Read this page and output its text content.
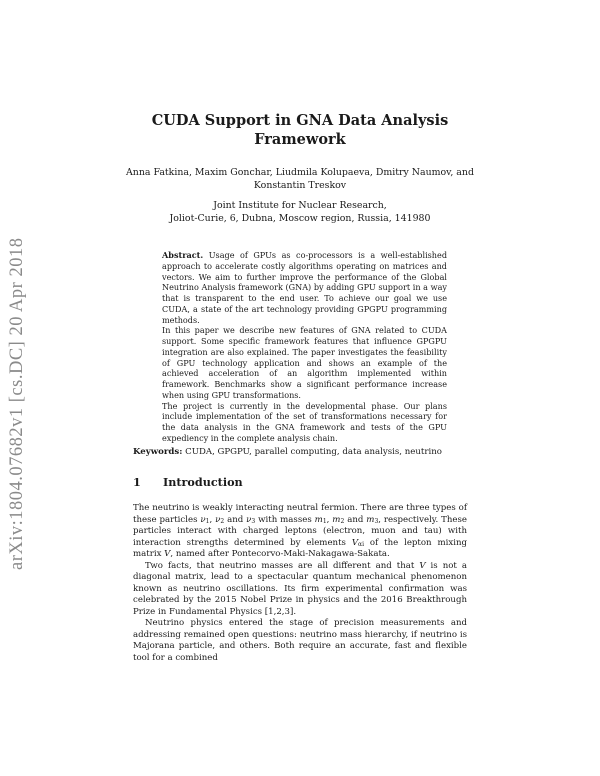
arXiv:1804.07682v1 [cs.DC] 20 Apr 2018
CUDA Support in GNA Data Analysis Framework
Anna Fatkina, Maxim Gonchar, Liudmila Kolupaeva, Dmitry Naumov, and
Konstantin Treskov
Joint Institute for Nuclear Research,
Joliot-Curie, 6, Dubna, Moscow region, Russia, 141980

Abstract. Usage of GPUs as co-processors is a well-established approach to accelerate costly algorithms operating on matrices and vectors. We aim to further improve the performance of the Global Neutrino Analysis framework (GNA) by adding GPU support in a way that is transparent to the end user. To achieve our goal we use CUDA, a state of the art technology providing GPGPU programming methods.

In this paper we describe new features of GNA related to CUDA support. Some specific framework features that influence GPGPU integration are also explained. The paper investigates the feasibility of GPU technology application and shows an example of the achieved acceleration of an algorithm implemented within framework. Benchmarks show a significant performance increase when using GPU transformations.

The project is currently in the developmental phase. Our plans include implementation of the set of transformations necessary for the data analysis in the GNA framework and tests of the GPU expediency in the complete analysis chain.

Keywords: CUDA, GPGPU, parallel computing, data analysis, neutrino
1 Introduction

The neutrino is weakly interacting neutral fermion. There are three types of these particles $\nu_1$, $\nu_2$ and $\nu_3$ with masses $m_1$, $m_2$ and $m_3$, respectively. These particles interact with charged leptons (electron, muon and tau) with interaction strengths determined by elements $V_{\alpha i}$ of the lepton mixing matrix V, named after Pontecorvo-Maki-Nakagawa-Sakata.

Two facts, that neutrino masses are all different and that V is not a diagonal matrix, lead to a spectacular quantum mechanical phenomenon known as neutrino oscillations. Its firm experimental confirmation was celebrated by the 2015 Nobel Prize in physics and the 2016 Breakthrough Prize in Fundamental Physics [1,2,3].

Neutrino physics entered the stage of precision measurements and addressing remained open questions: neutrino mass hierarchy, if neutrino is Majorana particle, and others. Both require an accurate, fast and flexible tool for a combined
